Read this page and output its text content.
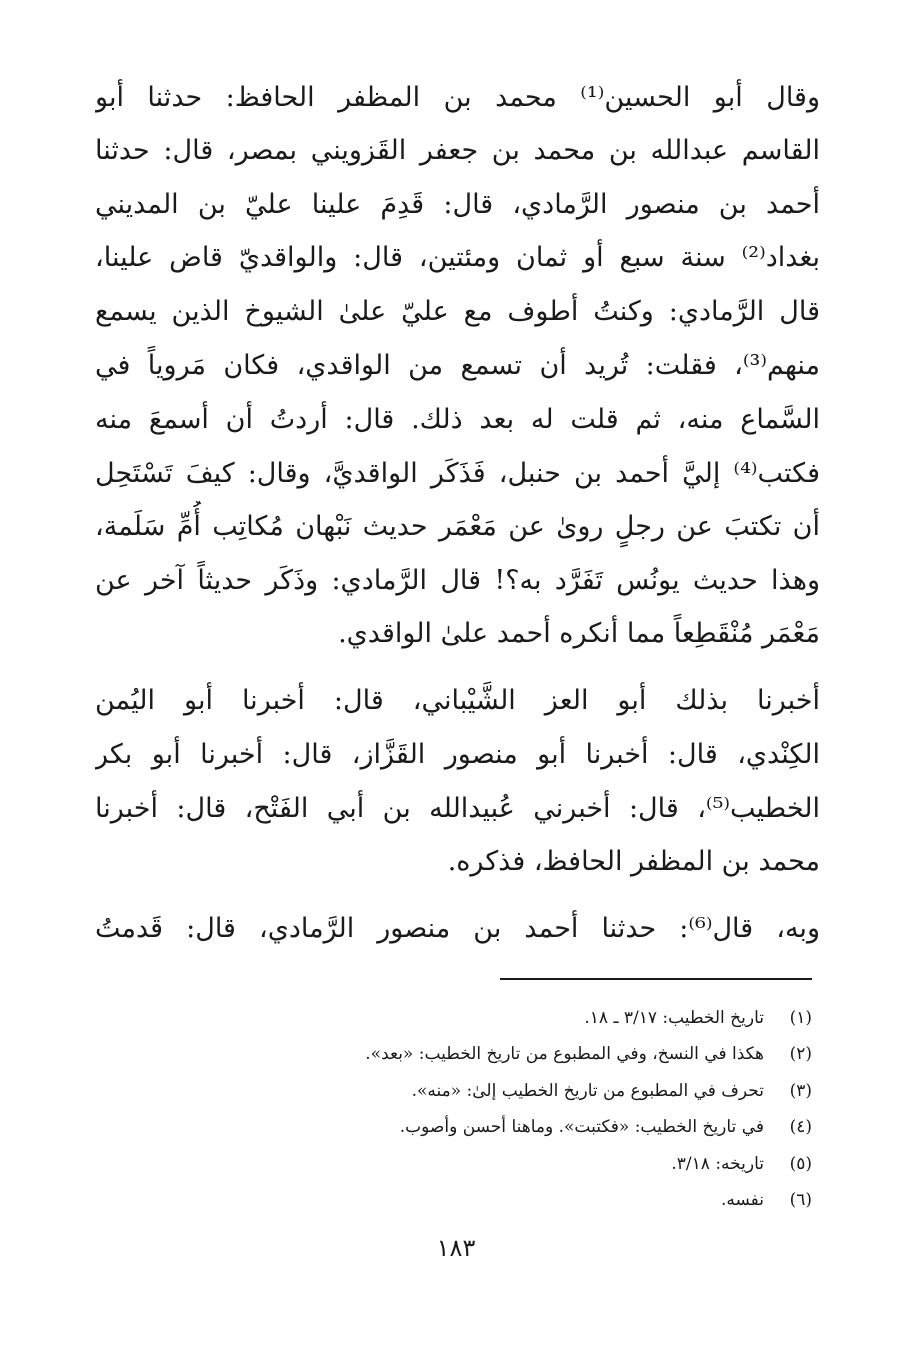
وقال أبو الحسين⁽¹⁾ محمد بن المظفر الحافظ: حدثنا أبو
القاسم عبدالله بن محمد بن جعفر القَزويني بمصر، قال: حدثنا
أحمد بن منصور الرَّمادي، قال: قَدِمَ علينا عليّ بن المديني
بغداد⁽²⁾ سنة سبع أو ثمان ومئتين، قال: والواقديّ قاض علينا،
قال الرَّمادي: وكنتُ أطوف مع عليّ علىٰ الشيوخ الذين يسمع
منهم⁽³⁾، فقلت: تُريد أن تسمع من الواقدي، فكان مَروياً في
السَّماع منه، ثم قلت له بعد ذلك. قال: أردتُ أن أسمعَ منه
فكتب⁽⁴⁾ إليَّ أحمد بن حنبل، فَذَكَر الواقديَّ، وقال: كيفَ تَسْتَحِل
أن تكتبَ عن رجلٍ روىٰ عن مَعْمَر حديث نَبْهان مُكاتِب أُمِّ سَلَمة،
وهذا حديث يونُس تَفَرَّد به؟! قال الرَّمادي: وذَكَر حديثاً آخر عن
مَعْمَر مُنْقَطِعاً مما أنكره أحمد علىٰ الواقدي.
أخبرنا بذلك أبو العز الشَّيْباني، قال: أخبرنا أبو اليُمن
الكِنْدي، قال: أخبرنا أبو منصور القَزَّاز، قال: أخبرنا أبو بكر
الخطيب⁽⁵⁾، قال: أخبرني عُبيدالله بن أبي الفَتْح، قال: أخبرنا
محمد بن المظفر الحافظ، فذكره.
وبه، قال⁽⁶⁾: حدثنا أحمد بن منصور الرَّمادي، قال: قَدمتُ
(١)تاريخ الخطيب: ٣/١٧ ـ ١٨.
(٢)هكذا في النسخ، وفي المطبوع من تاريخ الخطيب: «بعد».
(٣)تحرف في المطبوع من تاريخ الخطيب إلىٰ: «منه».
(٤)في تاريخ الخطيب: «فكتبت». وماهنا أحسن وأصوب.
(٥)تاريخه: ٣/١٨.
(٦)نفسه.
١٨٣
